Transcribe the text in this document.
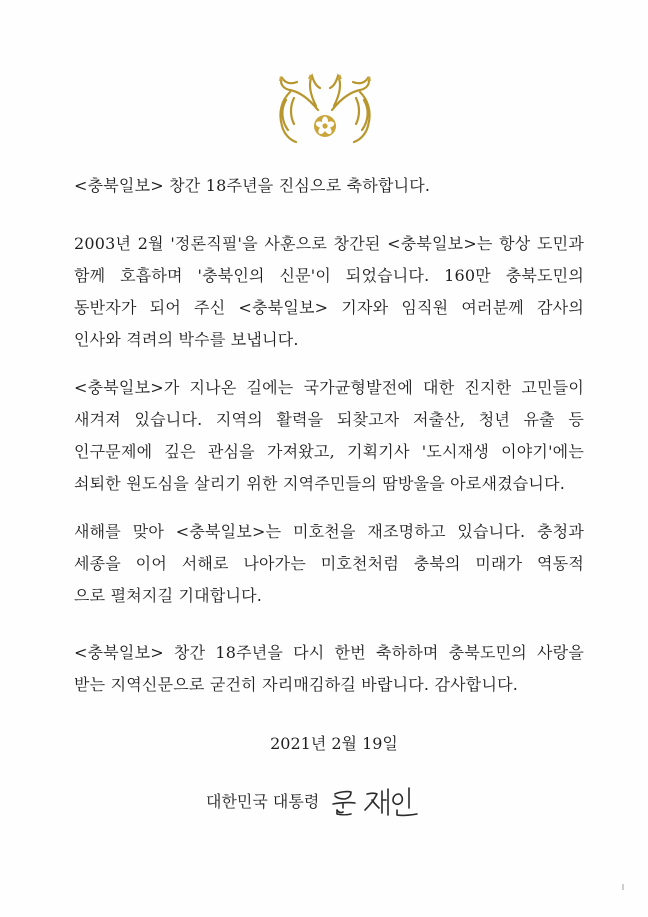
<충북일보> 창간 18주년을 진심으로 축하합니다.
2003년 2월 '정론직필'을 사훈으로 창간된 <충북일보>는 항상 도민과
함께 호흡하며 '충북인의 신문'이 되었습니다. 160만 충북도민의
동반자가 되어 주신 <충북일보> 기자와 임직원 여러분께 감사의
인사와 격려의 박수를 보냅니다.
<충북일보>가 지나온 길에는 국가균형발전에 대한 진지한 고민들이
새겨져 있습니다. 지역의 활력을 되찾고자 저출산, 청년 유출 등
인구문제에 깊은 관심을 가져왔고, 기획기사 '도시재생 이야기'에는
쇠퇴한 원도심을 살리기 위한 지역주민들의 땀방울을 아로새겼습니다.
새해를 맞아 <충북일보>는 미호천을 재조명하고 있습니다. 충청과
세종을 이어 서해로 나아가는 미호천처럼 충북의 미래가 역동적
으로 펼쳐지길 기대합니다.
<충북일보> 창간 18주년을 다시 한번 축하하며 충북도민의 사랑을
받는 지역신문으로 굳건히 자리매김하길 바랍니다. 감사합니다.
2021년 2월 19일
대한민국 대통령
